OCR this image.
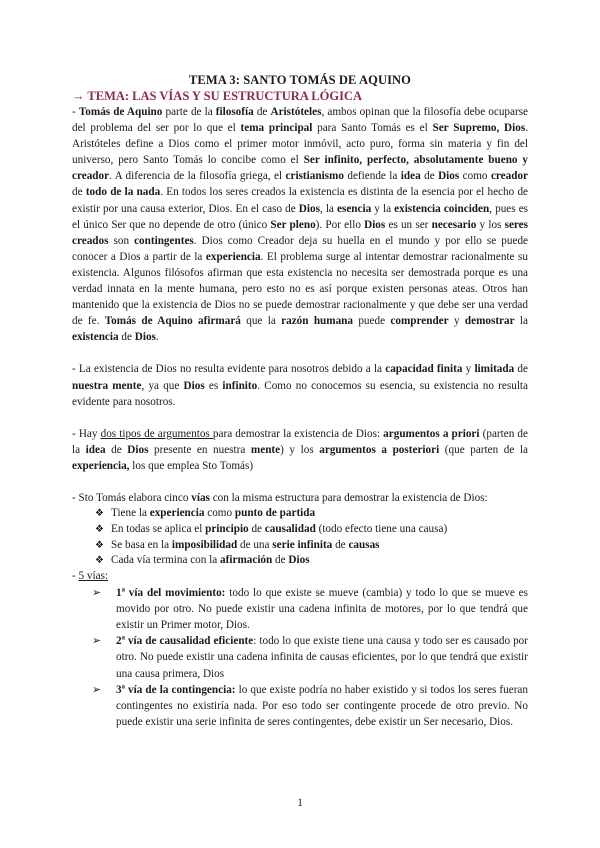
TEMA 3: SANTO TOMÁS DE AQUINO

→ TEMA: LAS VÍAS Y SU ESTRUCTURA LÓGICA

- Tomás de Aquino parte de la filosofía de Aristóteles, ambos opinan que la filosofía debe ocuparse del problema del ser por lo que el tema principal para Santo Tomás es el Ser Supremo, Dios. Aristóteles define a Dios como el primer motor inmóvil, acto puro, forma sin materia y fin del universo, pero Santo Tomás lo concibe como el Ser infinito, perfecto, absolutamente bueno y creador. A diferencia de la filosofía griega, el cristianismo defiende la idea de Dios como creador de todo de la nada. En todos los seres creados la existencia es distinta de la esencia por el hecho de existir por una causa exterior, Dios. En el caso de Dios, la esencia y la existencia coinciden, pues es el único Ser que no depende de otro (único Ser pleno). Por ello Dios es un ser necesario y los seres creados son contingentes. Dios como Creador deja su huella en el mundo y por ello se puede conocer a Dios a partir de la experiencia. El problema surge al intentar demostrar racionalmente su existencia. Algunos filósofos afirman que esta existencia no necesita ser demostrada porque es una verdad innata en la mente humana, pero esto no es así porque existen personas ateas. Otros han mantenido que la existencia de Dios no se puede demostrar racionalmente y que debe ser una verdad de fe. Tomás de Aquino afirmará que la razón humana puede comprender y demostrar la existencia de Dios.

- La existencia de Dios no resulta evidente para nosotros debido a la capacidad finita y limitada de nuestra mente, ya que Dios es infinito. Como no conocemos su esencia, su existencia no resulta evidente para nosotros.

- Hay dos tipos de argumentos para demostrar la existencia de Dios: argumentos a priori (parten de la idea de Dios presente en nuestra mente) y los argumentos a posteriori (que parten de la experiencia, los que emplea Sto Tomás)

- Sto Tomás elabora cinco vías con la misma estructura para demostrar la existencia de Dios:

❖ Tiene la experiencia como punto de partida
❖ En todas se aplica el principio de causalidad (todo efecto tiene una causa)
❖ Se basa en la imposibilidad de una serie infinita de causas
❖ Cada vía termina con la afirmación de Dios

- 5 vías:

➢ 1ª vía del movimiento: todo lo que existe se mueve (cambia) y todo lo que se mueve es movido por otro. No puede existir una cadena infinita de motores, por lo que tendrá que existir un Primer motor, Dios.

➢ 2ª vía de causalidad eficiente: todo lo que existe tiene una causa y todo ser es causado por otro. No puede existir una cadena infinita de causas eficientes, por lo que tendrá que existir una causa primera, Dios

➢ 3ª vía de la contingencia: lo que existe podría no haber existido y si todos los seres fueran contingentes no existiría nada. Por eso todo ser contingente procede de otro previo. No puede existir una serie infinita de seres contingentes, debe existir un Ser necesario, Dios.

1
